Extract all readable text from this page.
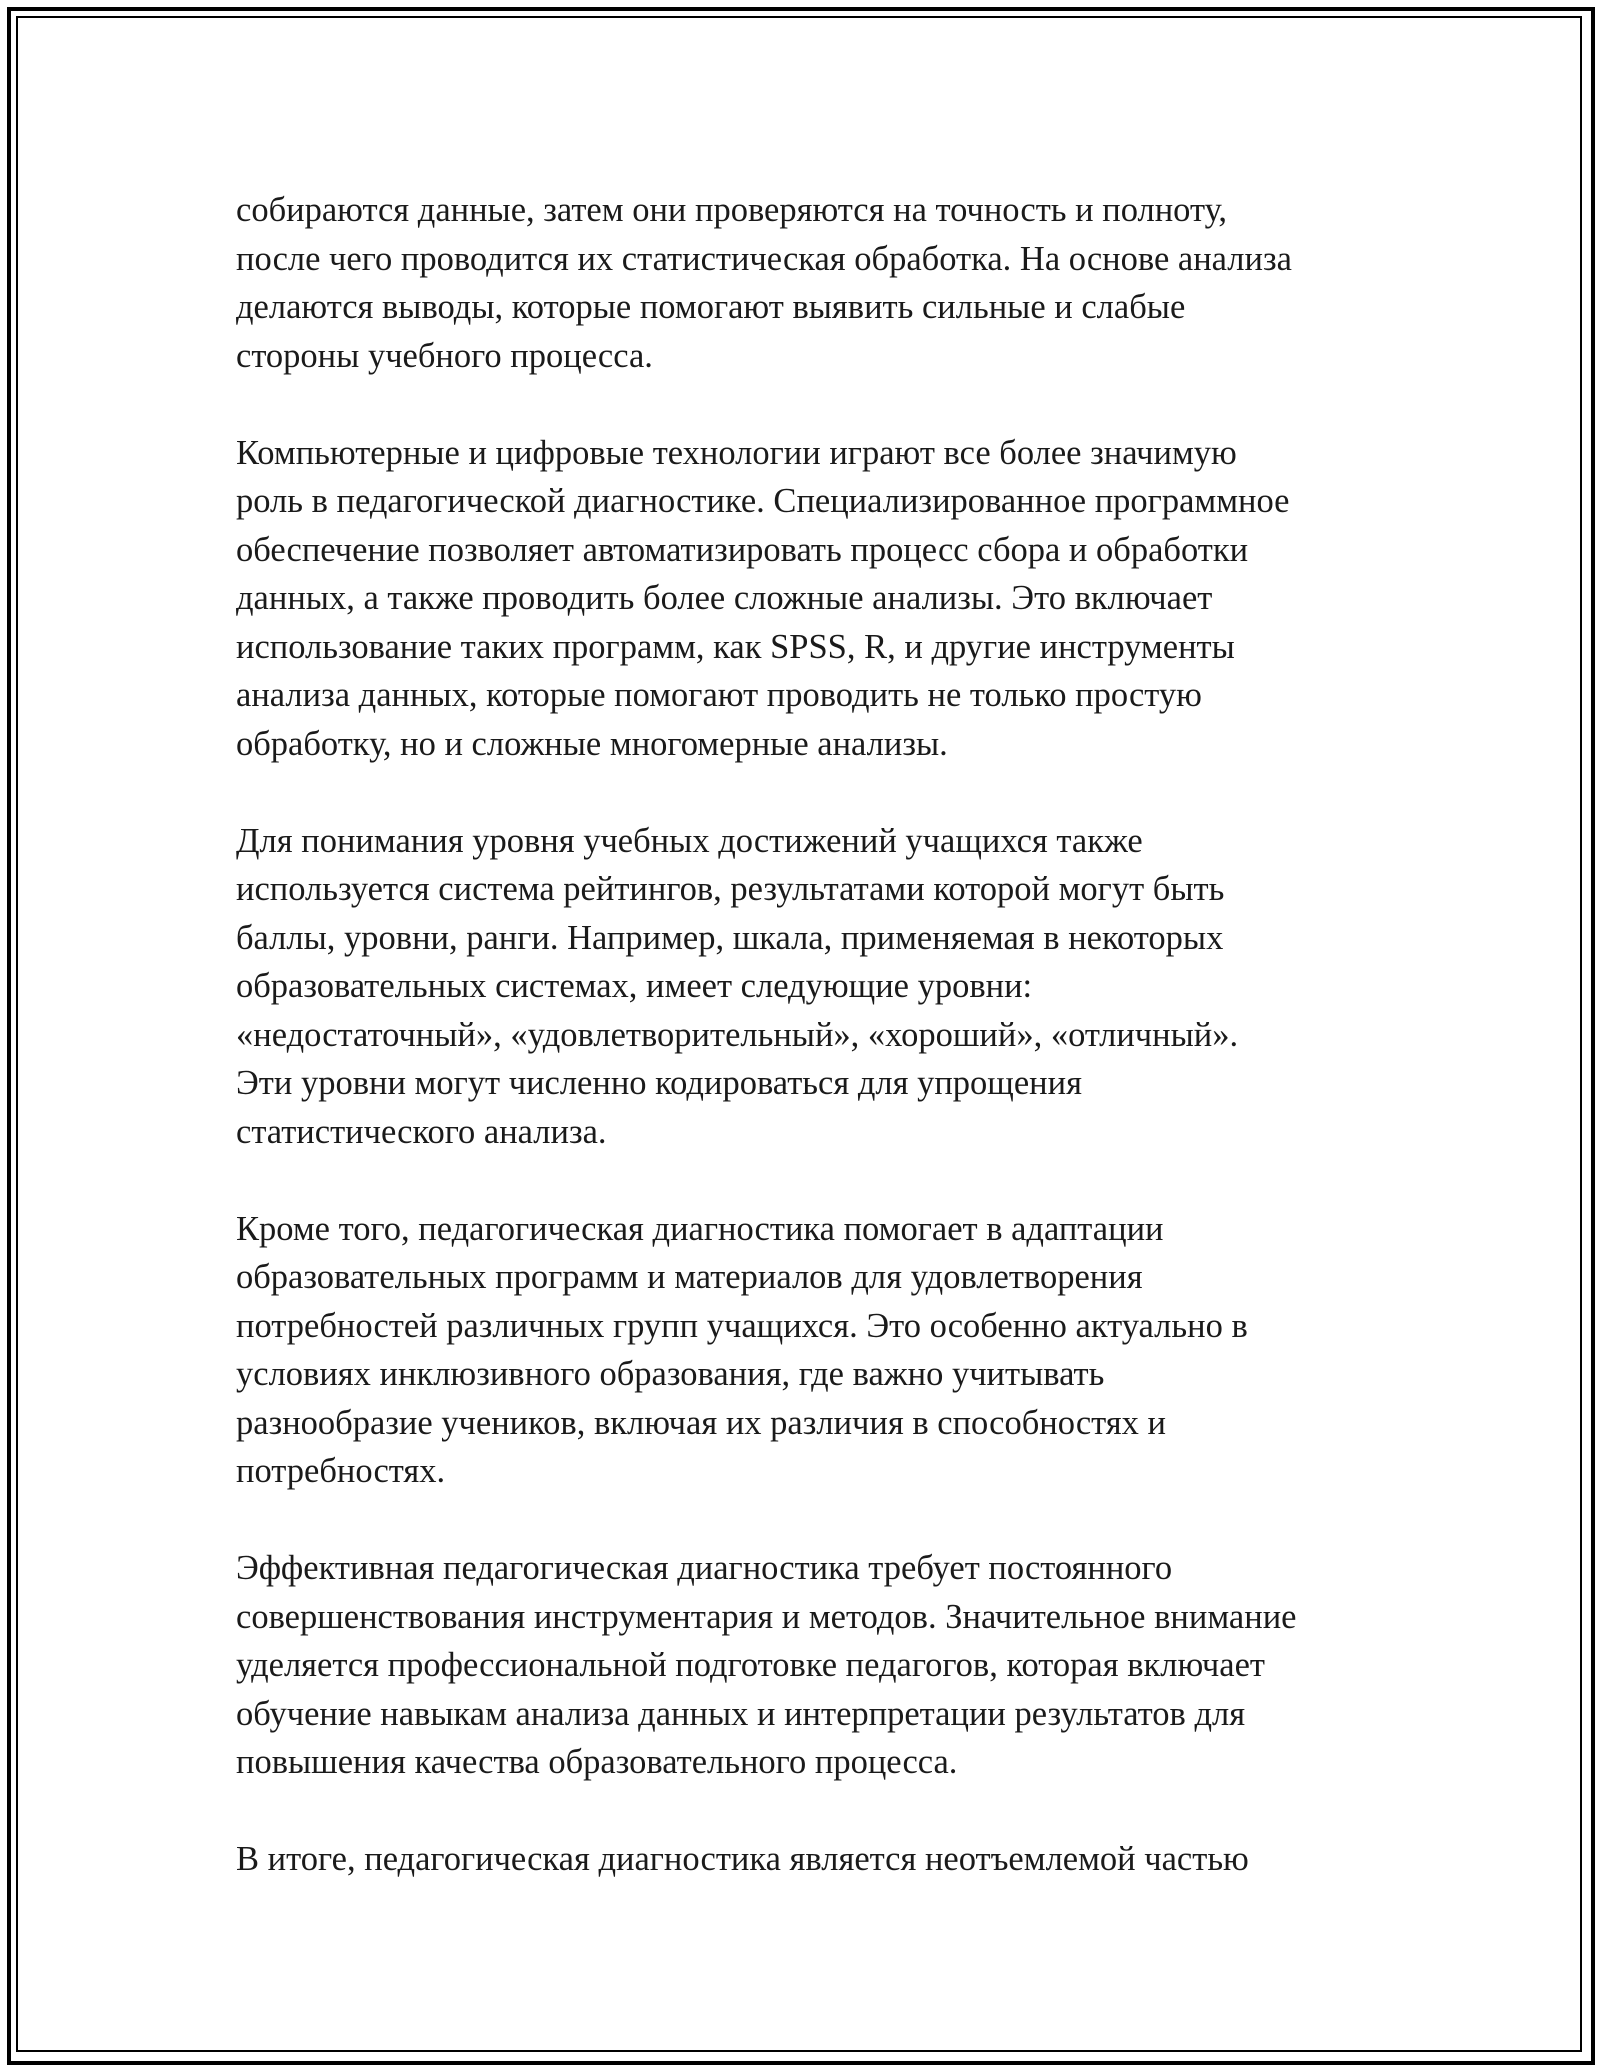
собираются данные, затем они проверяются на точность и полноту,
после чего проводится их статистическая обработка. На основе анализа
делаются выводы, которые помогают выявить сильные и слабые
стороны учебного процесса.

Компьютерные и цифровые технологии играют все более значимую
роль в педагогической диагностике. Специализированное программное
обеспечение позволяет автоматизировать процесс сбора и обработки
данных, а также проводить более сложные анализы. Это включает
использование таких программ, как SPSS, R, и другие инструменты
анализа данных, которые помогают проводить не только простую
обработку, но и сложные многомерные анализы.

Для понимания уровня учебных достижений учащихся также
используется система рейтингов, результатами которой могут быть
баллы, уровни, ранги. Например, шкала, применяемая в некоторых
образовательных системах, имеет следующие уровни:
«недостаточный», «удовлетворительный», «хороший», «отличный».
Эти уровни могут численно кодироваться для упрощения
статистического анализа.

Кроме того, педагогическая диагностика помогает в адаптации
образовательных программ и материалов для удовлетворения
потребностей различных групп учащихся. Это особенно актуально в
условиях инклюзивного образования, где важно учитывать
разнообразие учеников, включая их различия в способностях и
потребностях.

Эффективная педагогическая диагностика требует постоянного
совершенствования инструментария и методов. Значительное внимание
уделяется профессиональной подготовке педагогов, которая включает
обучение навыкам анализа данных и интерпретации результатов для
повышения качества образовательного процесса.

В итоге, педагогическая диагностика является неотъемлемой частью
